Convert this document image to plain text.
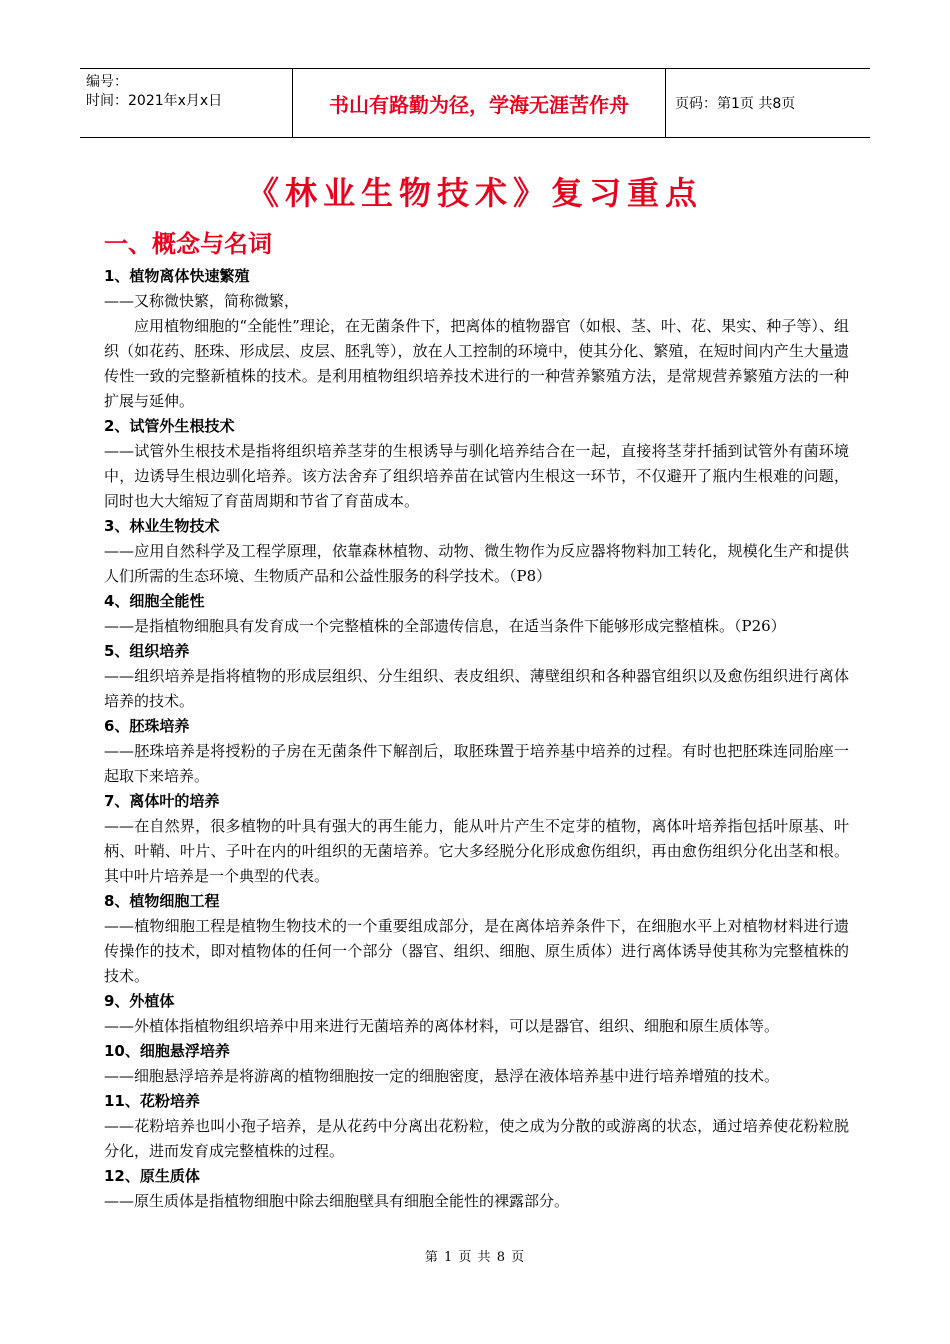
编号：
时间：2021年x月x日	书山有路勤为径，学海无涯苦作舟	页码：第1页 共8页
《林业生物技术》复习重点
一、概念与名词
1、植物离体快速繁殖

——又称微快繁，简称微繁，

应用植物细胞的“全能性”理论，在无菌条件下，把离体的植物器官（如根、茎、叶、花、果实、种子等）、组织（如花药、胚珠、形成层、皮层、胚乳等），放在人工控制的环境中，使其分化、繁殖，在短时间内产生大量遗传性一致的完整新植株的技术。是利用植物组织培养技术进行的一种营养繁殖方法，是常规营养繁殖方法的一种扩展与延伸。

2、试管外生根技术

——试管外生根技术是指将组织培养茎芽的生根诱导与驯化培养结合在一起，直接将茎芽扦插到试管外有菌环境中，边诱导生根边驯化培养。该方法舍弃了组织培养苗在试管内生根这一环节，不仅避开了瓶内生根难的问题，同时也大大缩短了育苗周期和节省了育苗成本。

3、林业生物技术

——应用自然科学及工程学原理，依靠森林植物、动物、微生物作为反应器将物料加工转化，规模化生产和提供人们所需的生态环境、生物质产品和公益性服务的科学技术。（P8）

4、细胞全能性

——是指植物细胞具有发育成一个完整植株的全部遗传信息，在适当条件下能够形成完整植株。（P26）

5、组织培养

——组织培养是指将植物的形成层组织、分生组织、表皮组织、薄壁组织和各种器官组织以及愈伤组织进行离体培养的技术。

6、胚珠培养

——胚珠培养是将授粉的子房在无菌条件下解剖后，取胚珠置于培养基中培养的过程。有时也把胚珠连同胎座一起取下来培养。

7、离体叶的培养

——在自然界，很多植物的叶具有强大的再生能力，能从叶片产生不定芽的植物，离体叶培养指包括叶原基、叶柄、叶鞘、叶片、子叶在内的叶组织的无菌培养。它大多经脱分化形成愈伤组织，再由愈伤组织分化出茎和根。其中叶片培养是一个典型的代表。

8、植物细胞工程

——植物细胞工程是植物生物技术的一个重要组成部分，是在离体培养条件下，在细胞水平上对植物材料进行遗传操作的技术，即对植物体的任何一个部分（器官、组织、细胞、原生质体）进行离体诱导使其称为完整植株的技术。

9、外植体

——外植体指植物组织培养中用来进行无菌培养的离体材料，可以是器官、组织、细胞和原生质体等。

10、细胞悬浮培养

——细胞悬浮培养是将游离的植物细胞按一定的细胞密度，悬浮在液体培养基中进行培养增殖的技术。

11、花粉培养

——花粉培养也叫小孢子培养，是从花药中分离出花粉粒，使之成为分散的或游离的状态，通过培养使花粉粒脱分化，进而发育成完整植株的过程。

12、原生质体

——原生质体是指植物细胞中除去细胞壁具有细胞全能性的裸露部分。

第 1 页 共 8 页
